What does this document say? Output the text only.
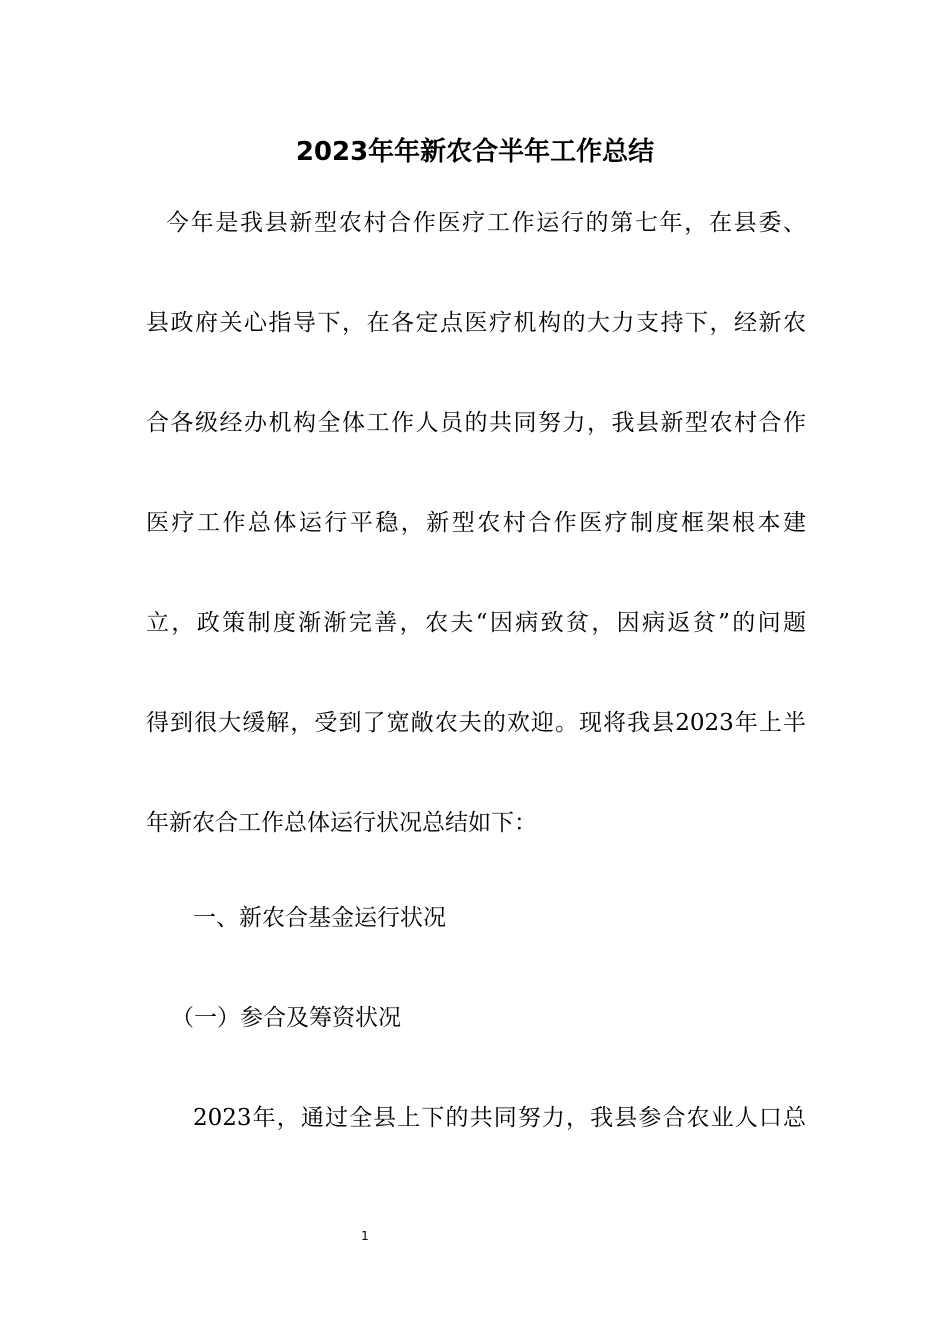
2023年年新农合半年工作总结
今年是我县新型农村合作医疗工作运行的第七年，在县委、
县政府关心指导下，在各定点医疗机构的大力支持下，经新农
合各级经办机构全体工作人员的共同努力，我县新型农村合作
医疗工作总体运行平稳，新型农村合作医疗制度框架根本建
立，政策制度渐渐完善，农夫“因病致贫，因病返贫”的问题
得到很大缓解，受到了宽敞农夫的欢迎。现将我县2023年上半
年新农合工作总体运行状况总结如下：
一、新农合基金运行状况
（一）参合及筹资状况
2023年，通过全县上下的共同努力，我县参合农业人口总
1
